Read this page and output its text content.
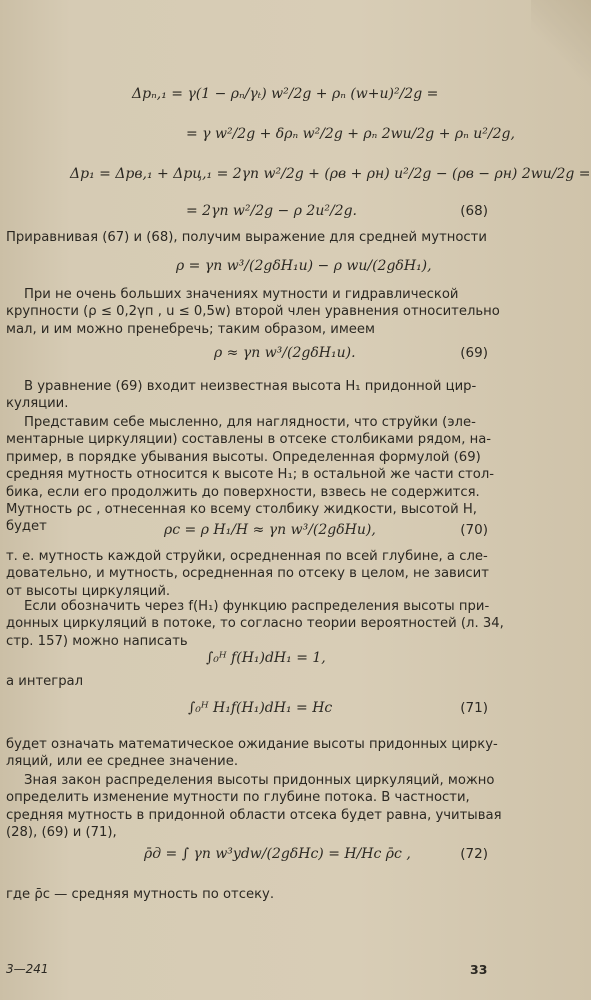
Δpₙ,₁ = γ(1 − ρₙ/γₜ) w²/2g + ρₙ (w+u)²/2g =
= γ w²/2g + δρₙ w²/2g + ρₙ 2wu/2g + ρₙ u²/2g,
Δp₁ = Δpв,₁ + Δpц,₁ = 2γп w²/2g + (ρв + ρн) u²/2g − (ρв − ρн) 2wu/2g =
= 2γп w²/2g − ρ 2u²/2g.	(68)
Приравнивая (67) и (68), получим выражение для средней мутности
ρ = γп w³/(2gδH₁u) − ρ wu/(2gδH₁),
При не очень больших значениях мутности и гидравлической
крупности (ρ ≤ 0,2γп , u ≤ 0,5w) второй член уравнения относительно
мал, и им можно пренебречь; таким образом, имеем
ρ ≈ γп w³/(2gδH₁u).	(69)
В уравнение (69) входит неизвестная высота H₁ придонной цир-
куляции.
Представим себе мысленно, для наглядности, что струйки (эле-
ментарные циркуляции) составлены в отсеке столбиками рядом, на-
пример, в порядке убывания высоты. Определенная формулой (69)
средняя мутность относится к высоте H₁; в остальной же части стол-
бика, если его продолжить до поверхности, взвесь не содержится.
Мутность ρс , отнесенная ко всему столбику жидкости, высотой H,
будет	ρс = ρ H₁/H ≈ γп w³/(2gδHu),	(70)
т. е. мутность каждой струйки, осредненная по всей глубине, а сле-
довательно, и мутность, осредненная по отсеку в целом, не зависит
от высоты циркуляций.
Если обозначить через f(H₁) функцию распределения высоты при-
донных циркуляций в потоке, то согласно теории вероятностей (л. 34,
стр. 157) можно написать
∫₀ᴴ f(H₁)dH₁ = 1,
а интеграл
∫₀ᴴ H₁f(H₁)dH₁ = Hс	(71)
будет означать математическое ожидание высоты придонных цирку-
ляций, или ее среднее значение.
Зная закон распределения высоты придонных циркуляций, можно
определить изменение мутности по глубине потока. В частности,
средняя мутность в придонной области отсека будет равна, учитывая
(28), (69) и (71),
ρ̄д = ∫ γп w³ydw/(2gδHс) = H/Hс ρ̄с ,	(72)
где ρ̄с — средняя мутность по отсеку.
3—241	33
